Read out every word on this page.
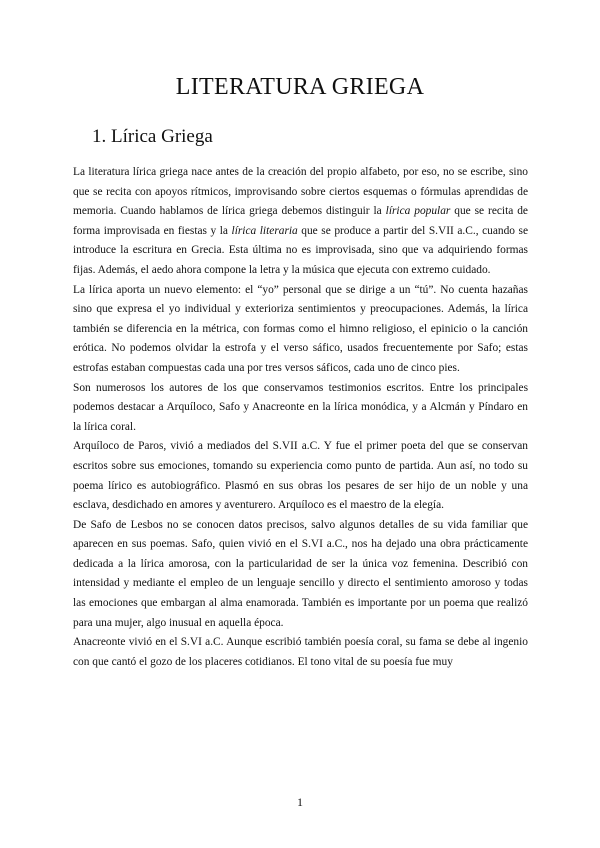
LITERATURA GRIEGA
1. Lírica Griega

La literatura lírica griega nace antes de la creación del propio alfabeto, por eso, no se escribe, sino que se recita con apoyos rítmicos, improvisando sobre ciertos esquemas o fórmulas aprendidas de memoria. Cuando hablamos de lírica griega debemos distinguir la lírica popular que se recita de forma improvisada en fiestas y la lírica literaria que se produce a partir del S.VII a.C., cuando se introduce la escritura en Grecia. Esta última no es improvisada, sino que va adquiriendo formas fijas. Además, el aedo ahora compone la letra y la música que ejecuta con extremo cuidado.

La lírica aporta un nuevo elemento: el “yo” personal que se dirige a un “tú”. No cuenta hazañas sino que expresa el yo individual y exterioriza sentimientos y preocupaciones. Además, la lírica también se diferencia en la métrica, con formas como el himno religioso, el epinicio o la canción erótica. No podemos olvidar la estrofa y el verso sáfico, usados frecuentemente por Safo; estas estrofas estaban compuestas cada una por tres versos sáficos, cada uno de cinco pies.

Son numerosos los autores de los que conservamos testimonios escritos. Entre los principales podemos destacar a Arquíloco, Safo y Anacreonte en la lírica monódica, y a Alcmán y Píndaro en la lírica coral.

Arquíloco de Paros, vivió a mediados del S.VII a.C. Y fue el primer poeta del que se conservan escritos sobre sus emociones, tomando su experiencia como punto de partida. Aun así, no todo su poema lírico es autobiográfico. Plasmó en sus obras los pesares de ser hijo de un noble y una esclava, desdichado en amores y aventurero. Arquíloco es el maestro de la elegía.

De Safo de Lesbos no se conocen datos precisos, salvo algunos detalles de su vida familiar que aparecen en sus poemas. Safo, quien vivió en el S.VI a.C., nos ha dejado una obra prácticamente dedicada a la lírica amorosa, con la particularidad de ser la única voz femenina. Describió con intensidad y mediante el empleo de un lenguaje sencillo y directo el sentimiento amoroso y todas las emociones que embargan al alma enamorada. También es importante por un poema que realizó para una mujer, algo inusual en aquella época.

Anacreonte vivió en el S.VI a.C. Aunque escribió también poesía coral, su fama se debe al ingenio con que cantó el gozo de los placeres cotidianos. El tono vital de su poesía fue muy

1
